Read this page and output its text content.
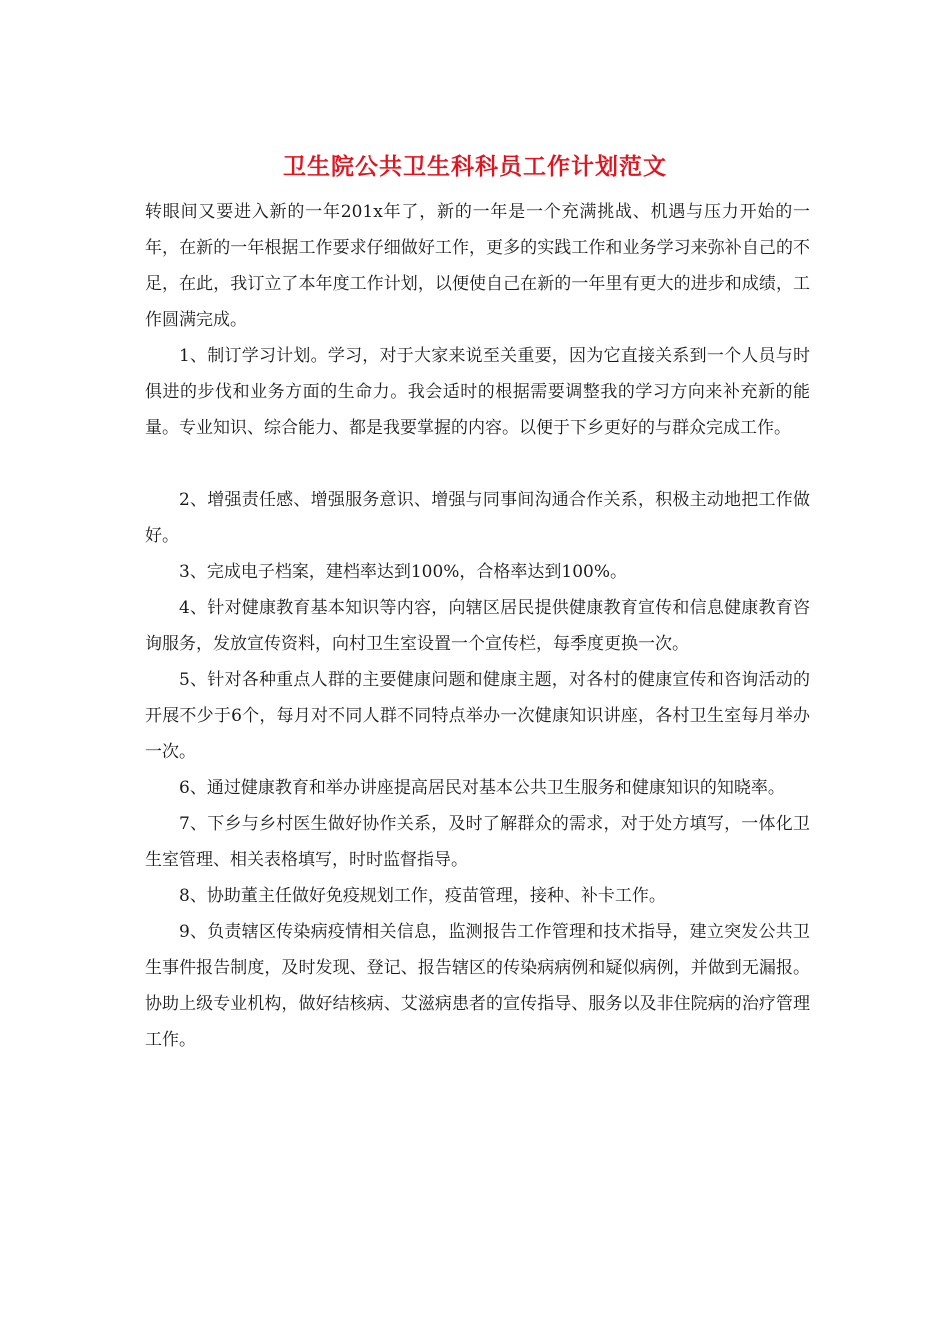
卫生院公共卫生科科员工作计划范文

转眼间又要进入新的一年201x年了，新的一年是一个充满挑战、机遇与压力开始的一年，在新的一年根据工作要求仔细做好工作，更多的实践工作和业务学习来弥补自己的不足，在此，我订立了本年度工作计划，以便使自己在新的一年里有更大的进步和成绩，工作圆满完成。

1、制订学习计划。学习，对于大家来说至关重要，因为它直接关系到一个人员与时俱进的步伐和业务方面的生命力。我会适时的根据需要调整我的学习方向来补充新的能量。专业知识、综合能力、都是我要掌握的内容。以便于下乡更好的与群众完成工作。

2、增强责任感、增强服务意识、增强与同事间沟通合作关系，积极主动地把工作做好。

3、完成电子档案，建档率达到100%，合格率达到100%。

4、针对健康教育基本知识等内容，向辖区居民提供健康教育宣传和信息健康教育咨询服务，发放宣传资料，向村卫生室设置一个宣传栏，每季度更换一次。

5、针对各种重点人群的主要健康问题和健康主题，对各村的健康宣传和咨询活动的开展不少于6个，每月对不同人群不同特点举办一次健康知识讲座，各村卫生室每月举办一次。

6、通过健康教育和举办讲座提高居民对基本公共卫生服务和健康知识的知晓率。

7、下乡与乡村医生做好协作关系，及时了解群众的需求，对于处方填写，一体化卫生室管理、相关表格填写，时时监督指导。

8、协助董主任做好免疫规划工作，疫苗管理，接种、补卡工作。

9、负责辖区传染病疫情相关信息，监测报告工作管理和技术指导，建立突发公共卫生事件报告制度，及时发现、登记、报告辖区的传染病病例和疑似病例，并做到无漏报。协助上级专业机构，做好结核病、艾滋病患者的宣传指导、服务以及非住院病的治疗管理工作。
